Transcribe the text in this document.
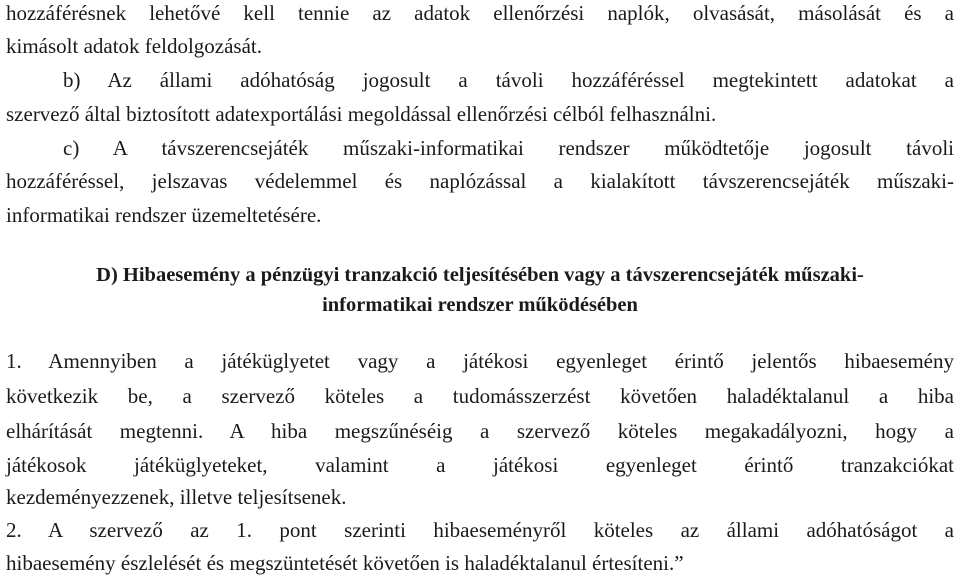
hozzáférésnek lehetővé kell tennie az adatok ellenőrzési naplók, olvasását, másolását és a
kimásolt adatok feldolgozását.
b) Az állami adóhatóság jogosult a távoli hozzáféréssel megtekintett adatokat a
szervező által biztosított adatexportálási megoldással ellenőrzési célból felhasználni.
c) A távszerencsejáték műszaki-informatikai rendszer működtetője jogosult távoli
hozzáféréssel, jelszavas védelemmel és naplózással a kialakított távszerencsejáték műszaki-
informatikai rendszer üzemeltetésére.
D) Hibaesemény a pénzügyi tranzakció teljesítésében vagy a távszerencsejáték műszaki-
informatikai rendszer működésében
1. Amennyiben a játéküglyetet vagy a játékosi egyenleget érintő jelentős hibaesemény
következik be, a szervező köteles a tudomásszerzést követően haladéktalanul a hiba
elhárítását megtenni. A hiba megszűnéséig a szervező köteles megakadályozni, hogy a
játékosok játéküglyeteket, valamint a játékosi egyenleget érintő tranzakciókat
kezdeményezzenek, illetve teljesítsenek.
2. A szervező az 1. pont szerinti hibaeseményről köteles az állami adóhatóságot a
hibaesemény észlelését és megszüntetését követően is haladéktalanul értesíteni.”
